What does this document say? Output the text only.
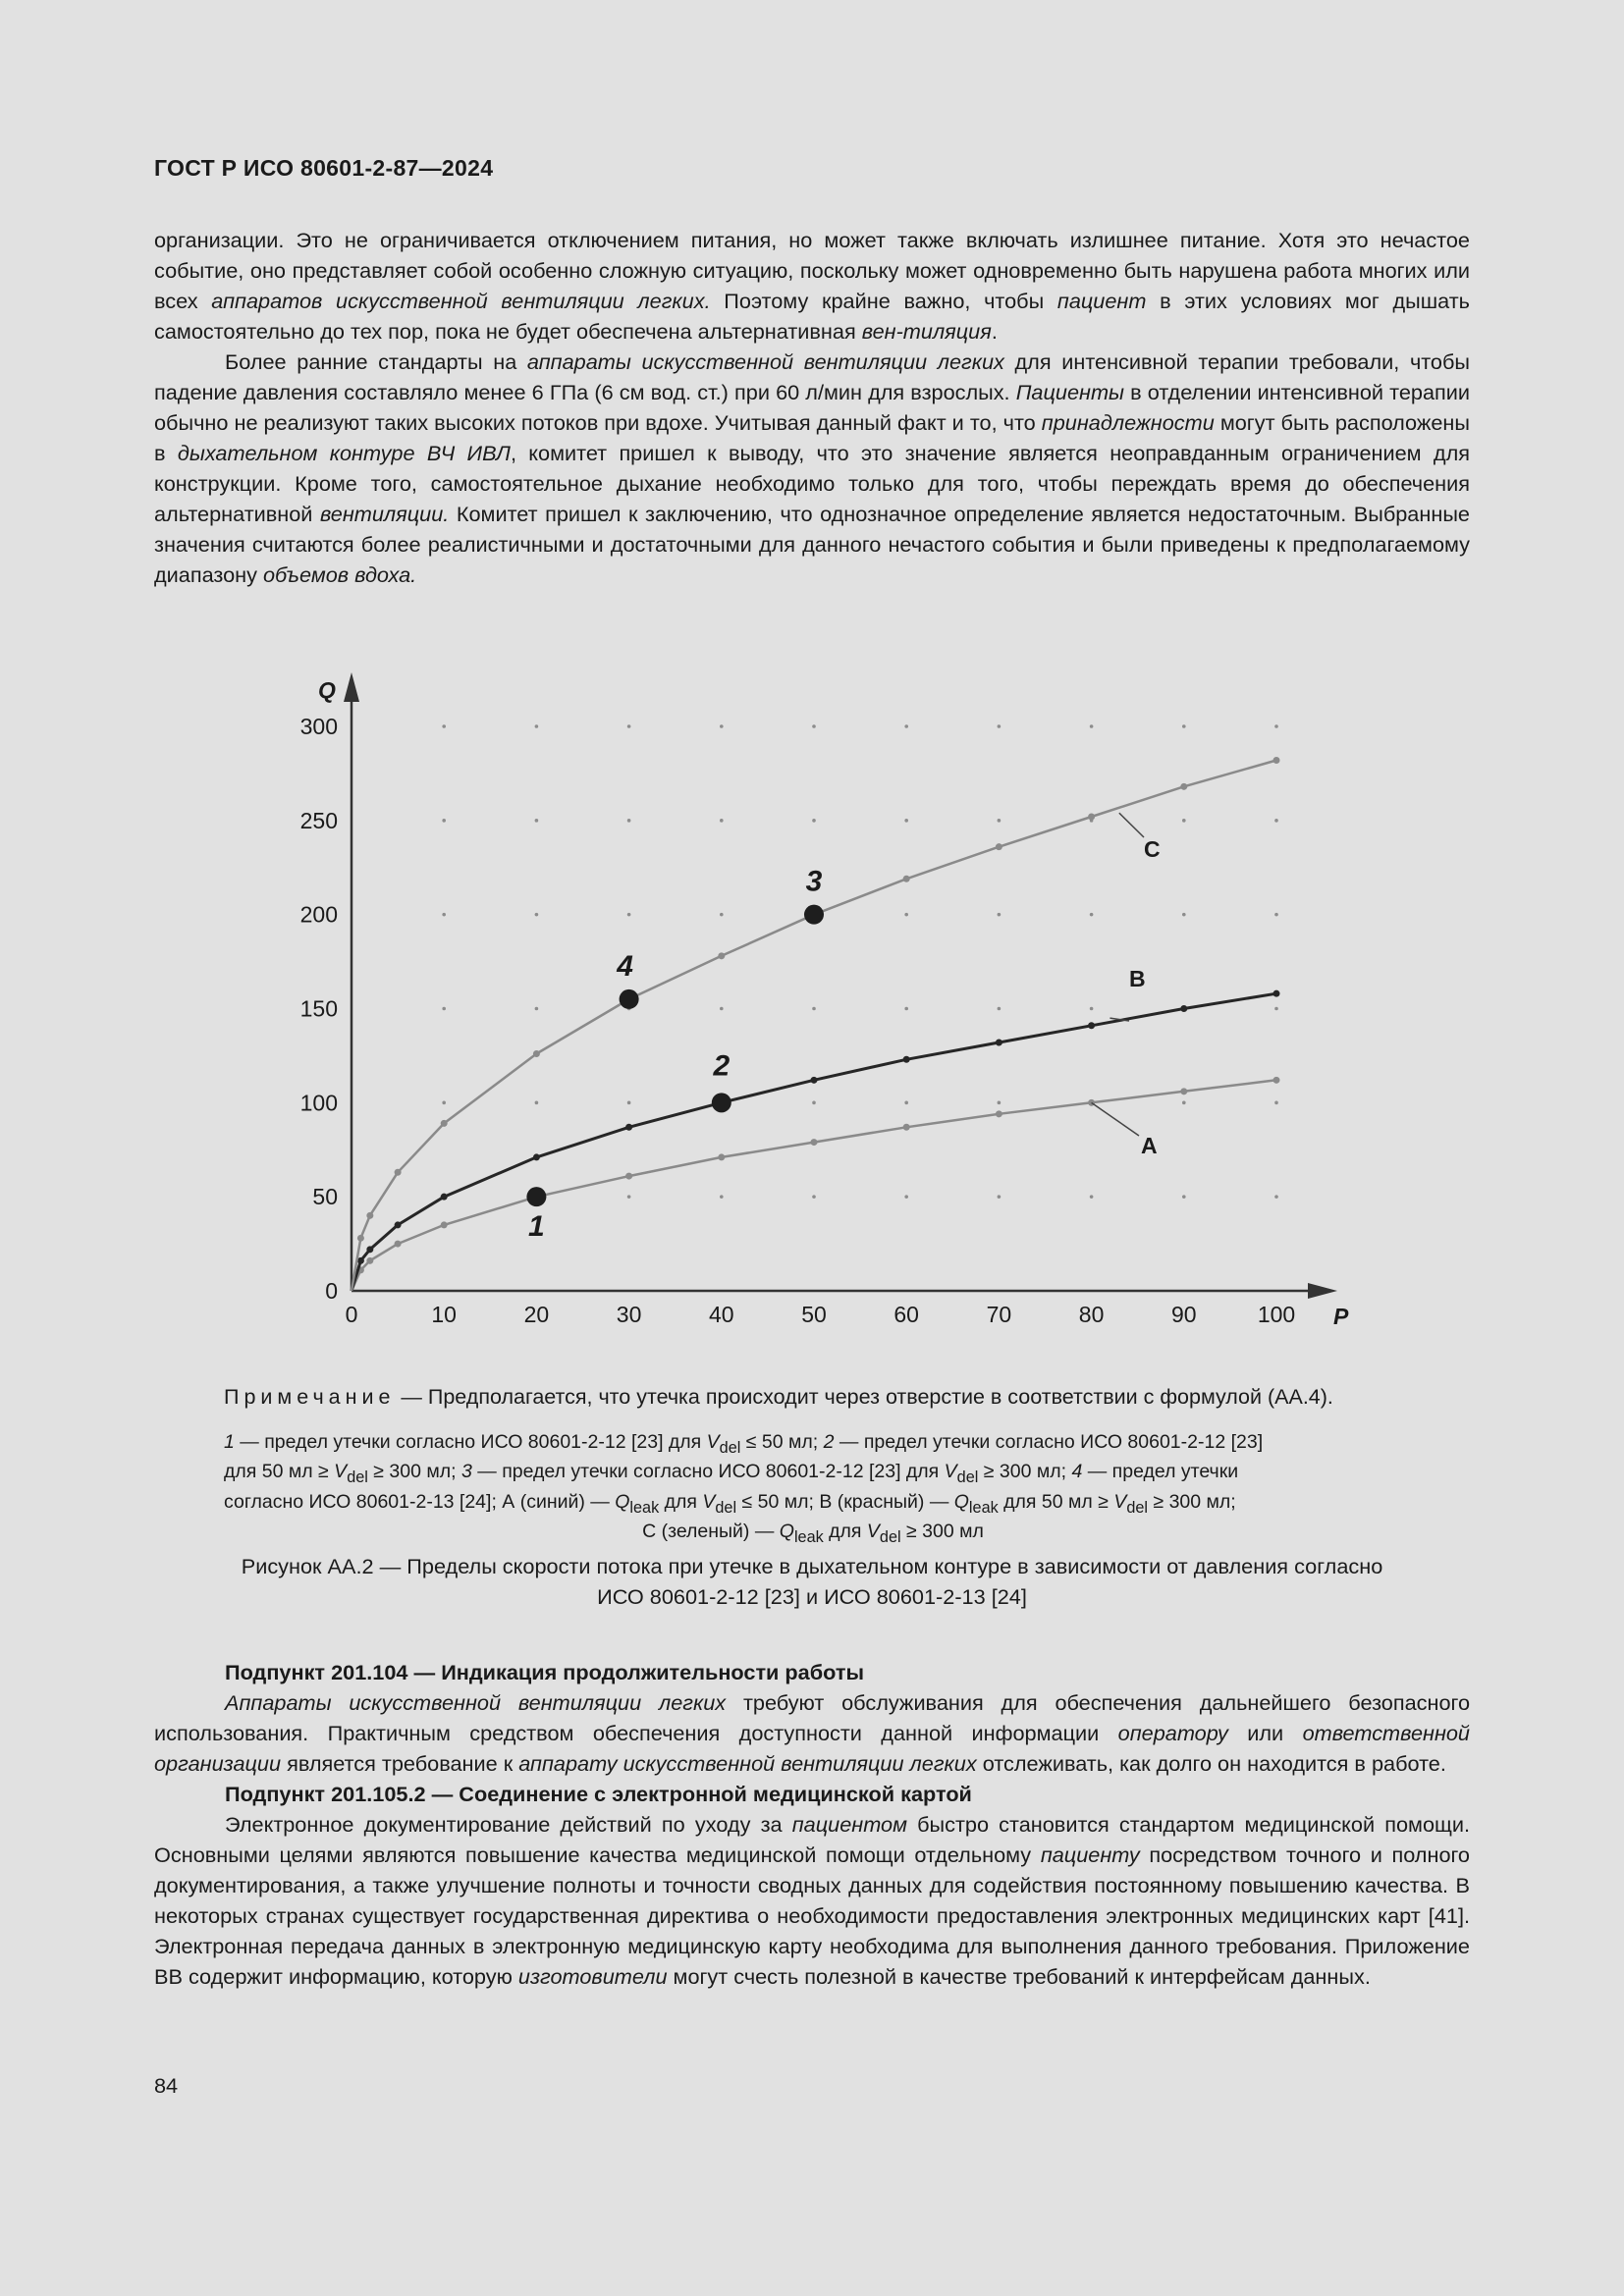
ГОСТ Р ИСО 80601-2-87—2024

организации. Это не ограничивается отключением питания, но может также включать излишнее питание. Хотя это нечастое событие, оно представляет собой особенно сложную ситуацию, поскольку может одновременно быть нарушена работа многих или всех аппаратов искусственной вентиляции легких. Поэтому крайне важно, чтобы пациент в этих условиях мог дышать самостоятельно до тех пор, пока не будет обеспечена альтернативная вен-тиляция.

Более ранние стандарты на аппараты искусственной вентиляции легких для интенсивной терапии требовали, чтобы падение давления составляло менее 6 ГПа (6 см вод. ст.) при 60 л/мин для взрослых. Пациенты в отделении интенсивной терапии обычно не реализуют таких высоких потоков при вдохе. Учитывая данный факт и то, что принадлежности могут быть расположены в дыхательном контуре ВЧ ИВЛ, комитет пришел к выводу, что это значение является неоправданным ограничением для конструкции. Кроме того, самостоятельное дыхание необходимо только для того, чтобы переждать время до обеспечения альтернативной вентиляции. Комитет пришел к заключению, что однозначное определение является недостаточным. Выбранные значения считаются более реалистичными и достаточными для данного нечастого события и были приведены к предполагаемому диапазону объемов вдоха.

0	10	20	30	40	50	60	70	80	90	100
0
50
100
150
200
250
300
P
Q
A
B
C
1
2
3
4
Примечание — Предполагается, что утечка происходит через отверстие в соответствии с формулой (АА.4).
1 — предел утечки согласно ИСО 80601-2-12 [23] для $V_{del} \le 50$ мл; 2 — предел утечки согласно ИСО 80601-2-12 [23]
для 50 мл ≥ $V_{del} \ge 300$ мл; 3 — предел утечки согласно ИСО 80601-2-12 [23] для $V_{del} \ge 300$ мл; 4 — предел утечки
согласно ИСО 80601-2-13 [24]; А (синий) — $Q_{leak}$ для $V_{del} \le 50$ мл; В (красный) — $Q_{leak}$ для 50 мл ≥ $V_{del} \ge 300$ мл;
С (зеленый) — $Q_{leak}$ для $V_{del} \ge 300$ мл
Рисунок АА.2 — Пределы скорости потока при утечке в дыхательном контуре в зависимости от давления согласно
ИСО 80601-2-12 [23] и ИСО 80601-2-13 [24]

Подпункт 201.104 — Индикация продолжительности работы

Аппараты искусственной вентиляции легких требуют обслуживания для обеспечения дальнейшего безопасного использования. Практичным средством обеспечения доступности данной информации оператору или ответственной организации является требование к аппарату искусственной вентиляции легких отслеживать, как долго он находится в работе.

Подпункт 201.105.2 — Соединение с электронной медицинской картой

Электронное документирование действий по уходу за пациентом быстро становится стандартом медицинской помощи. Основными целями являются повышение качества медицинской помощи отдельному пациенту посредством точного и полного документирования, а также улучшение полноты и точности сводных данных для содействия постоянному повышению качества. В некоторых странах существует государственная директива о необходимости предоставления электронных медицинских карт [41]. Электронная передача данных в электронную медицинскую карту необходима для выполнения данного требования. Приложение ВВ содержит информацию, которую изготовители могут счесть полезной в качестве требований к интерфейсам данных.

84
